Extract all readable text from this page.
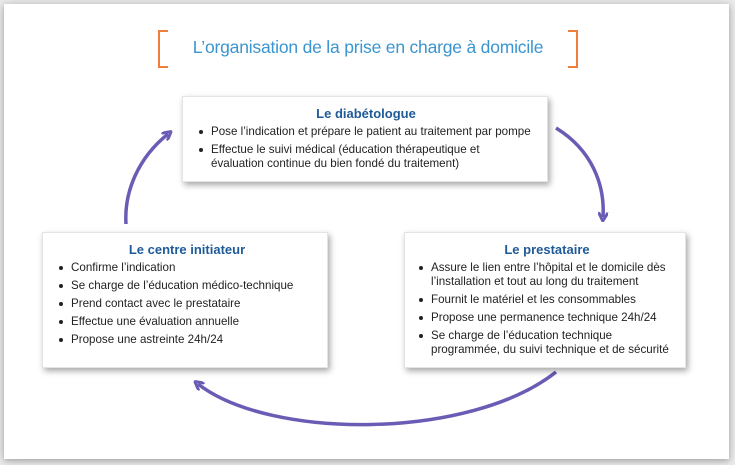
L’organisation de la prise en charge à domicile
Le diabétologue
Pose l’indication et prépare le patient au traitement par pompe
Effectue le suivi médical (éducation thérapeutique et évaluation continue du bien fondé du traitement)
Le centre initiateur
Confirme l’indication
Se charge de l’éducation médico-technique
Prend contact avec le prestataire
Effectue une évaluation annuelle
Propose une astreinte 24h/24
Le prestataire
Assure le lien entre l’hôpital et le domicile dès l’installation et tout au long du traitement
Fournit le matériel et les consommables
Propose une permanence technique 24h/24
Se charge de l’éducation technique programmée, du suivi technique et de sécurité
